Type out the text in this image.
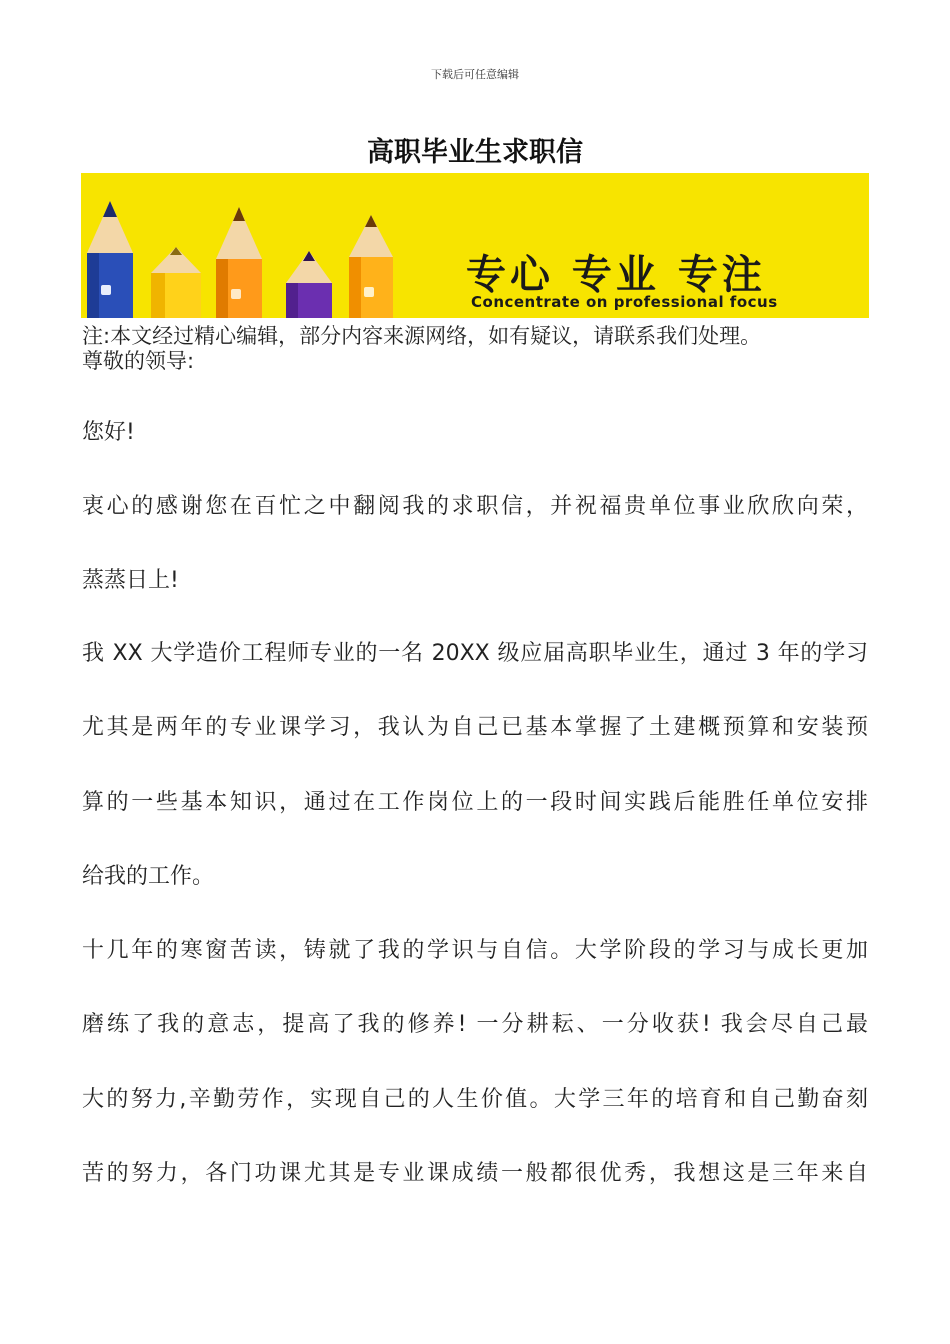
下载后可任意编辑
高职毕业生求职信
专心 专业 专注
Concentrate on professional focus
注:本文经过精心编辑，部分内容来源网络，如有疑议，请联系我们处理。
尊敬的领导:
您好!
衷心的感谢您在百忙之中翻阅我的求职信，并祝福贵单位事业欣欣向荣，
蒸蒸日上!
我 XX 大学造价工程师专业的一名 20XX 级应届高职毕业生，通过 3 年的学习
尤其是两年的专业课学习，我认为自己已基本掌握了土建概预算和安装预
算的一些基本知识，通过在工作岗位上的一段时间实践后能胜任单位安排
给我的工作。
十几年的寒窗苦读，铸就了我的学识与自信。大学阶段的学习与成长更加
磨练了我的意志，提高了我的修养! 一分耕耘、一分收获! 我会尽自己最
大的努力,辛勤劳作，实现自己的人生价值。大学三年的培育和自己勤奋刻
苦的努力，各门功课尤其是专业课成绩一般都很优秀，我想这是三年来自
